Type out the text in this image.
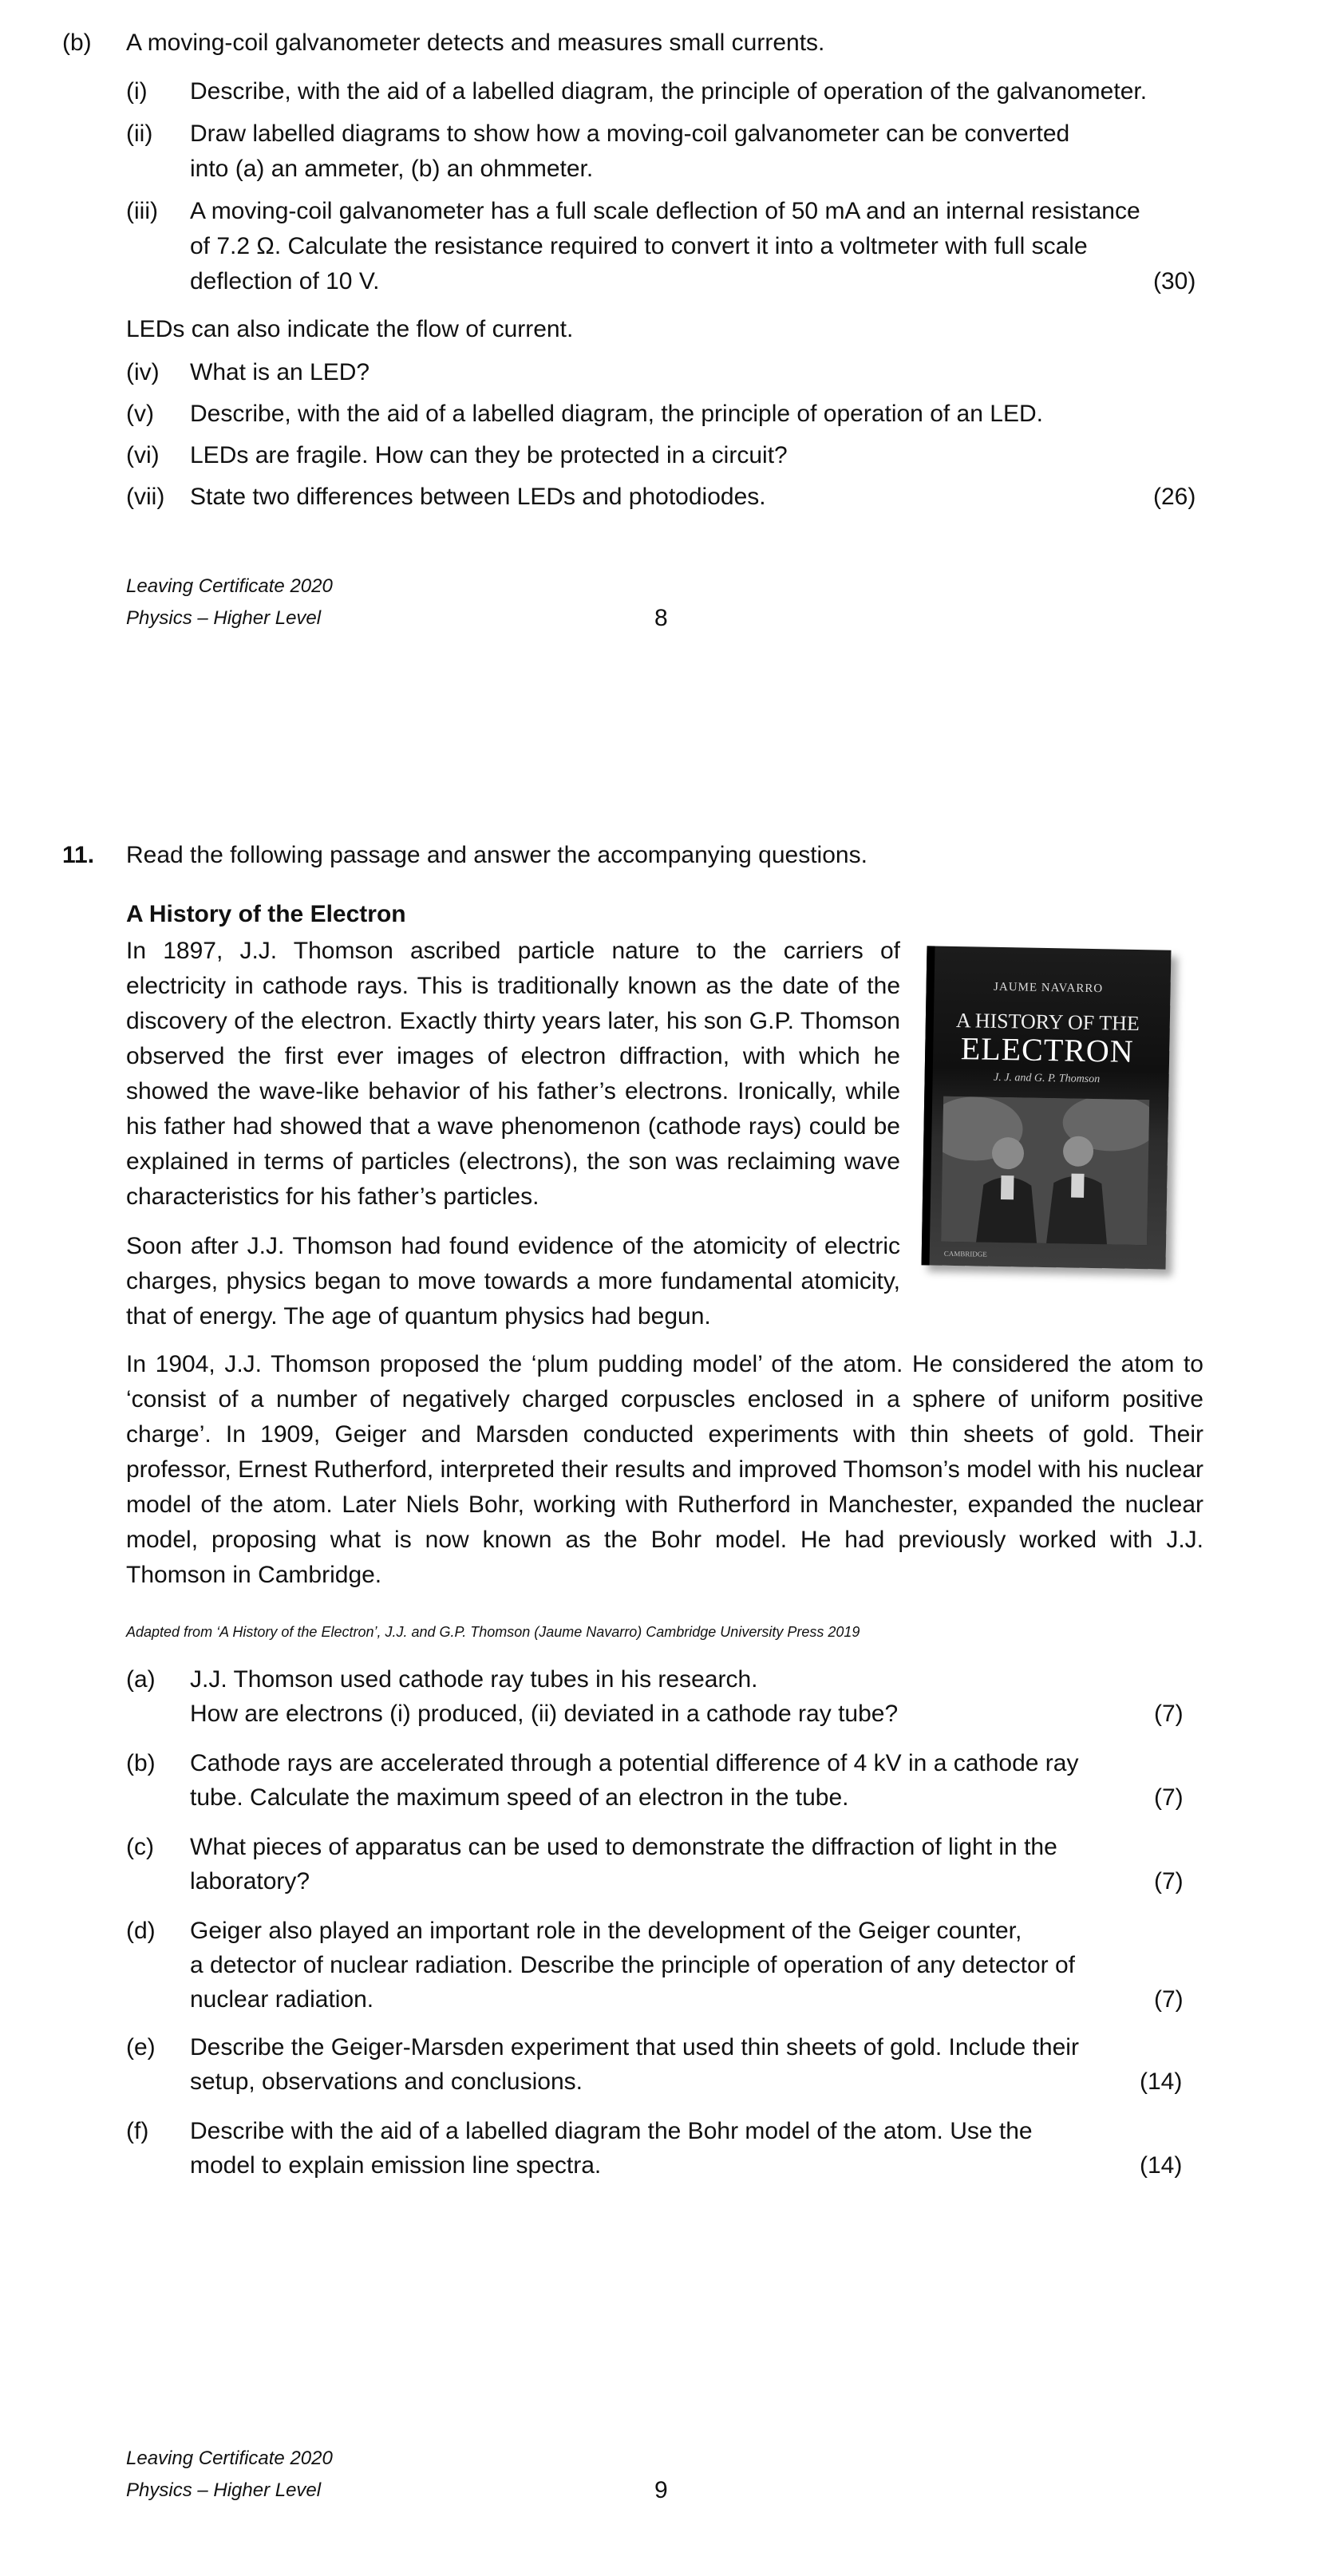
(b) A moving-coil galvanometer detects and measures small currents.
(i) Describe, with the aid of a labelled diagram, the principle of operation of the galvanometer.
(ii) Draw labelled diagrams to show how a moving-coil galvanometer can be converted
into (a) an ammeter, (b) an ohmmeter.
(iii) A moving-coil galvanometer has a full scale deflection of 50 mA and an internal resistance
of 7.2 Ω. Calculate the resistance required to convert it into a voltmeter with full scale
deflection of 10 V.	(30)
LEDs can also indicate the flow of current.
(iv) What is an LED?
(v) Describe, with the aid of a labelled diagram, the principle of operation of an LED.
(vi) LEDs are fragile. How can they be protected in a circuit?
(vii) State two differences between LEDs and photodiodes.	(26)
Leaving Certificate 2020
Physics – Higher Level	8
11. Read the following passage and answer the accompanying questions.
A History of the Electron
In 1897, J.J. Thomson ascribed particle nature to the carriers of electricity in cathode rays. This is traditionally known as the date of the discovery of the electron. Exactly thirty years later, his son G.P. Thomson observed the first ever images of electron diffraction, with which he showed the wave-like behavior of his father’s electrons. Ironically, while his father had showed that a wave phenomenon (cathode rays) could be explained in terms of particles (electrons), the son was reclaiming wave characteristics for his father’s particles.
Soon after J.J. Thomson had found evidence of the atomicity of electric charges, physics began to move towards a more fundamental atomicity, that of energy. The age of quantum physics had begun.
In 1904, J.J. Thomson proposed the ‘plum pudding model’ of the atom. He considered the atom to ‘consist of a number of negatively charged corpuscles enclosed in a sphere of uniform positive charge’. In 1909, Geiger and Marsden conducted experiments with thin sheets of gold. Their professor, Ernest Rutherford, interpreted their results and improved Thomson’s model with his nuclear model of the atom. Later Niels Bohr, working with Rutherford in Manchester, expanded the nuclear model, proposing what is now known as the Bohr model. He had previously worked with J.J. Thomson in Cambridge.
JAUME NAVARRO
A HISTORY OF THE
ELECTRON
J. J. and G. P. Thomson
CAMBRIDGE
Adapted from ‘A History of the Electron’, J.J. and G.P. Thomson (Jaume Navarro) Cambridge University Press 2019
(a) J.J. Thomson used cathode ray tubes in his research.
How are electrons (i) produced, (ii) deviated in a cathode ray tube?	(7)
(b) Cathode rays are accelerated through a potential difference of 4 kV in a cathode ray
tube. Calculate the maximum speed of an electron in the tube.	(7)
(c) What pieces of apparatus can be used to demonstrate the diffraction of light in the
laboratory?	(7)
(d) Geiger also played an important role in the development of the Geiger counter,
a detector of nuclear radiation. Describe the principle of operation of any detector of
nuclear radiation.	(7)
(e) Describe the Geiger-Marsden experiment that used thin sheets of gold. Include their
setup, observations and conclusions.	(14)
(f) Describe with the aid of a labelled diagram the Bohr model of the atom. Use the
model to explain emission line spectra.	(14)
Leaving Certificate 2020
Physics – Higher Level	9
